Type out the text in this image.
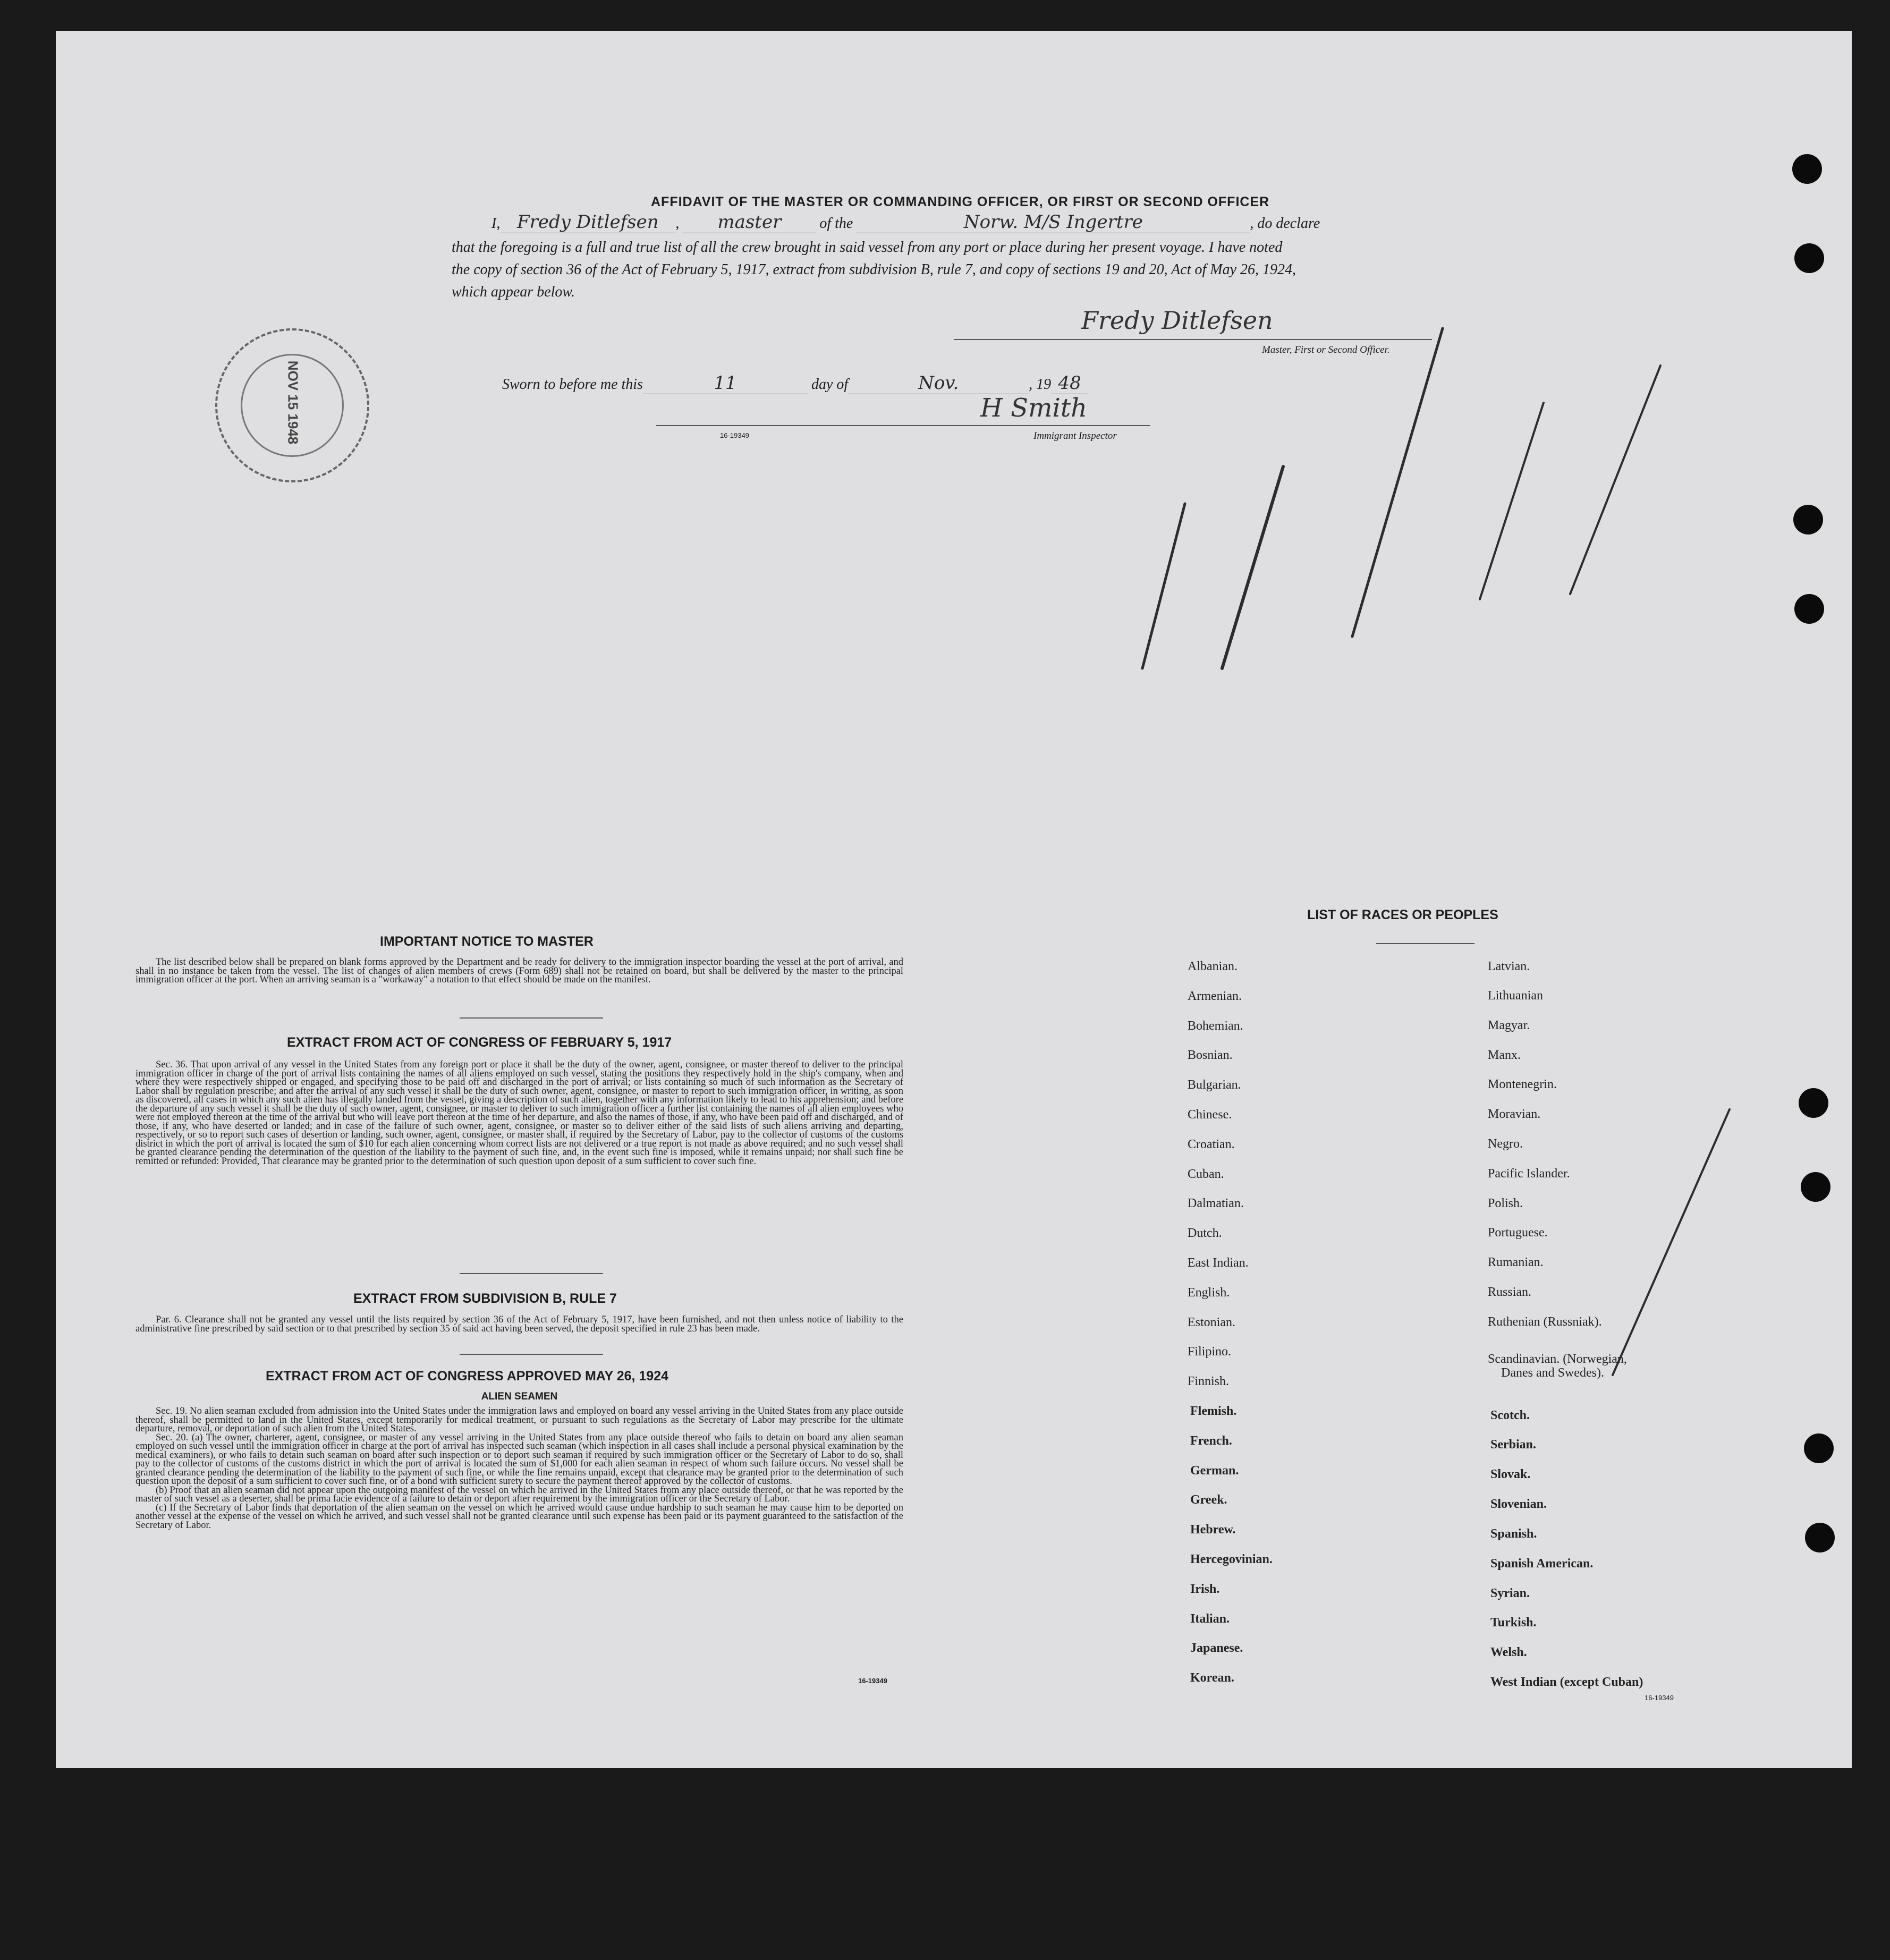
AFFIDAVIT OF THE MASTER OR COMMANDING OFFICER, OR FIRST OR SECOND OFFICER
I, Fredy Ditlefsen , master	of the	Norw. M/S Ingertre	, do declare
that the foregoing is a full and true list of all the crew brought in said vessel from any port or place during her present voyage. I have noted
the copy of section 36 of the Act of February 5, 1917, extract from subdivision B, rule 7, and copy of sections 19 and 20, Act of May 26, 1924,
which appear below.
Fredy Ditlefsen
Master, First or Second Officer.
Sworn to before me this	11	day of	Nov.	, 19 48
H Smith
16-19349	Immigrant Inspector
NOV 15 1948
IMPORTANT NOTICE TO MASTER

The list described below shall be prepared on blank forms approved by the Department and be ready for delivery to the immigration inspector boarding the vessel at the port of arrival, and shall in no instance be taken from the vessel. The list of changes of alien members of crews (Form 689) shall not be retained on board, but shall be delivered by the master to the principal immigration officer at the port. When an arriving seaman is a "workaway" a notation to that effect should be made on the manifest.

EXTRACT FROM ACT OF CONGRESS OF FEBRUARY 5, 1917

Sec. 36. That upon arrival of any vessel in the United States from any foreign port or place it shall be the duty of the owner, agent, consignee, or master thereof to deliver to the principal immigration officer in charge of the port of arrival lists containing the names of all aliens employed on such vessel, stating the positions they respectively hold in the ship's company, when and where they were respectively shipped or engaged, and specifying those to be paid off and discharged in the port of arrival; or lists containing so much of such information as the Secretary of Labor shall by regulation prescribe; and after the arrival of any such vessel it shall be the duty of such owner, agent, consignee, or master to report to such immigration officer, in writing, as soon as discovered, all cases in which any such alien has illegally landed from the vessel, giving a description of such alien, together with any information likely to lead to his apprehension; and before the departure of any such vessel it shall be the duty of such owner, agent, consignee, or master to deliver to such immigration officer a further list containing the names of all alien employees who were not employed thereon at the time of the arrival but who will leave port thereon at the time of her departure, and also the names of those, if any, who have been paid off and discharged, and of those, if any, who have deserted or landed; and in case of the failure of such owner, agent, consignee, or master so to deliver either of the said lists of such aliens arriving and departing, respectively, or so to report such cases of desertion or landing, such owner, agent, consignee, or master shall, if required by the Secretary of Labor, pay to the collector of customs of the customs district in which the port of arrival is located the sum of $10 for each alien concerning whom correct lists are not delivered or a true report is not made as above required; and no such vessel shall be granted clearance pending the determination of the question of the liability to the payment of such fine, and, in the event such fine is imposed, while it remains unpaid; nor shall such fine be remitted or refunded: Provided, That clearance may be granted prior to the determination of such question upon deposit of a sum sufficient to cover such fine.

EXTRACT FROM SUBDIVISION B, RULE 7

Par. 6. Clearance shall not be granted any vessel until the lists required by section 36 of the Act of February 5, 1917, have been furnished, and not then unless notice of liability to the administrative fine prescribed by said section or to that prescribed by section 35 of said act having been served, the deposit specified in rule 23 has been made.

EXTRACT FROM ACT OF CONGRESS APPROVED MAY 26, 1924
ALIEN SEAMEN

Sec. 19. No alien seaman excluded from admission into the United States under the immigration laws and employed on board any vessel arriving in the United States from any place outside thereof, shall be permitted to land in the United States, except temporarily for medical treatment, or pursuant to such regulations as the Secretary of Labor may prescribe for the ultimate departure, removal, or deportation of such alien from the United States.

Sec. 20. (a) The owner, charterer, agent, consignee, or master of any vessel arriving in the United States from any place outside thereof who fails to detain on board any alien seaman employed on such vessel until the immigration officer in charge at the port of arrival has inspected such seaman (which inspection in all cases shall include a personal physical examination by the medical examiners), or who fails to detain such seaman on board after such inspection or to deport such seaman if required by such immigration officer or the Secretary of Labor to do so, shall pay to the collector of customs of the customs district in which the port of arrival is located the sum of $1,000 for each alien seaman in respect of whom such failure occurs. No vessel shall be granted clearance pending the determination of the liability to the payment of such fine, or while the fine remains unpaid, except that clearance may be granted prior to the determination of such question upon the deposit of a sum sufficient to cover such fine, or of a bond with sufficient surety to secure the payment thereof approved by the collector of customs.

(b) Proof that an alien seaman did not appear upon the outgoing manifest of the vessel on which he arrived in the United States from any place outside thereof, or that he was reported by the master of such vessel as a deserter, shall be prima facie evidence of a failure to detain or deport after requirement by the immigration officer or the Secretary of Labor.

(c) If the Secretary of Labor finds that deportation of the alien seaman on the vessel on which he arrived would cause undue hardship to such seaman he may cause him to be deported on another vessel at the expense of the vessel on which he arrived, and such vessel shall not be granted clearance until such expense has been paid or its payment guaranteed to the satisfaction of the Secretary of Labor.

16-19349
LIST OF RACES OR PEOPLES
Albanian.
Armenian.
Bohemian.
Bosnian.
Bulgarian.
Chinese.
Croatian.
Cuban.
Dalmatian.
Dutch.
East Indian.
English.
Estonian.
Filipino.
Finnish.
Flemish.
French.
German.
Greek.
Hebrew.
Hercegovinian.
Irish.
Italian.
Japanese.
Korean.
Latvian.
Lithuanian
Magyar.
Manx.
Montenegrin.
Moravian.
Negro.
Pacific Islander.
Polish.
Portuguese.
Rumanian.
Russian.
Ruthenian (Russniak).
Scandinavian. (Norwegian,
Danes and Swedes).
Scotch.
Serbian.
Slovak.
Slovenian.
Spanish.
Spanish American.
Syrian.
Turkish.
Welsh.
West Indian (except Cuban)
16-19349
